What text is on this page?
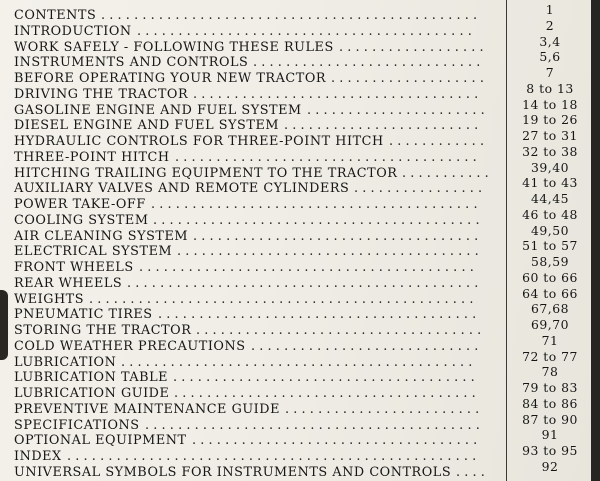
CONTENTS ..............................................	1
INTRODUCTION .........................................	2
WORK SAFELY - FOLLOWING THESE RULES ..................	3,4
INSTRUMENTS AND CONTROLS ............................	5,6
BEFORE OPERATING YOUR NEW TRACTOR ...................	7
DRIVING THE TRACTOR ...................................	8 to 13
GASOLINE ENGINE AND FUEL SYSTEM ......................	14 to 18
DIESEL ENGINE AND FUEL SYSTEM ........................	19 to 26
HYDRAULIC CONTROLS FOR THREE-POINT HITCH ............	27 to 31
THREE-POINT HITCH .....................................	32 to 38
HITCHING TRAILING EQUIPMENT TO THE TRACTOR ...........	39,40
AUXILIARY VALVES AND REMOTE CYLINDERS ................	41 to 43
POWER TAKE-OFF ........................................	44,45
COOLING SYSTEM ........................................	46 to 48
AIR CLEANING SYSTEM ...................................	49,50
ELECTRICAL SYSTEM .....................................	51 to 57
FRONT WHEELS .........................................	58,59
REAR WHEELS ...........................................	60 to 66
WEIGHTS ...............................................	64 to 66
PNEUMATIC TIRES .......................................	67,68
STORING THE TRACTOR ...................................	69,70
COLD WEATHER PRECAUTIONS ............................	71
LUBRICATION ...........................................	72 to 77
LUBRICATION TABLE .....................................	78
LUBRICATION GUIDE .....................................	79 to 83
PREVENTIVE MAINTENANCE GUIDE ........................	84 to 86
SPECIFICATIONS .........................................	87 to 90
OPTIONAL EQUIPMENT ...................................	91
INDEX ..................................................	93 to 95
UNIVERSAL SYMBOLS FOR INSTRUMENTS AND CONTROLS ....	92
